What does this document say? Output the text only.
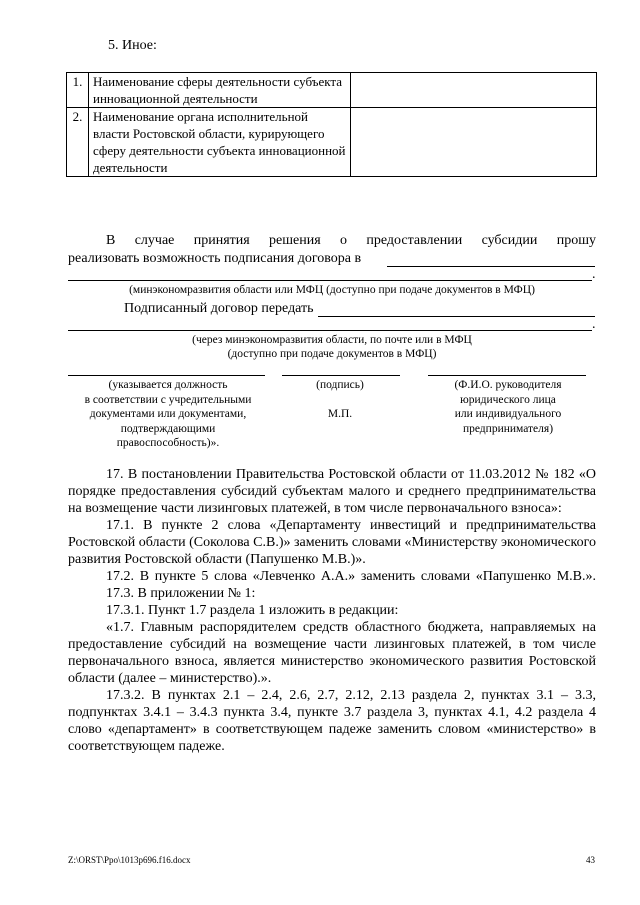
5. Иное:
1.	Наименование сферы деятельности субъекта инновационной деятельности	
2.	Наименование органа исполнительной власти Ростовской области, курирующего сферу деятельности субъекта инновационной деятельности	
В случае принятия решения о предоставлении субсидии прошу
реализовать возможность подписания договора в
.
(минэкономразвития области или МФЦ (доступно при подаче документов в МФЦ)
Подписанный договор передать
.
(через минэкономразвития области, по почте или в МФЦ
(доступно при подаче документов в МФЦ)
(указывается должность
в соответствии с учредительными
документами или документами,
подтверждающими
правоспособность)».
(подпись)
М.П.
(Ф.И.О. руководителя
юридического лица
или индивидуального
предпринимателя)

17. В постановлении Правительства Ростовской области от 11.03.2012 № 182 «О порядке предоставления субсидий субъектам малого и среднего предпринимательства на возмещение части лизинговых платежей, в том числе первоначального взноса»:

17.1. В пункте 2 слова «Департаменту инвестиций и предпринимательства Ростовской области (Соколова С.В.)» заменить словами «Министерству экономического развития Ростовской области (Папушенко М.В.)».

17.2. В пункте 5 слова «Левченко А.А.» заменить словами «Папушенко М.В.».

17.3. В приложении № 1:

17.3.1. Пункт 1.7 раздела 1 изложить в редакции:

«1.7. Главным распорядителем средств областного бюджета, направляемых на предоставление субсидий на возмещение части лизинговых платежей, в том числе первоначального взноса, является министерство экономического развития Ростовской области (далее – министерство).».

17.3.2. В пунктах 2.1 – 2.4, 2.6, 2.7, 2.12, 2.13 раздела 2, пунктах 3.1 – 3.3, подпунктах 3.4.1 – 3.4.3 пункта 3.4, пункте 3.7 раздела 3, пунктах 4.1, 4.2 раздела 4 слово «департамент» в соответствующем падеже заменить словом «министерство» в соответствующем падеже.

Z:\ORST\Ppo\1013p696.f16.docx	43
